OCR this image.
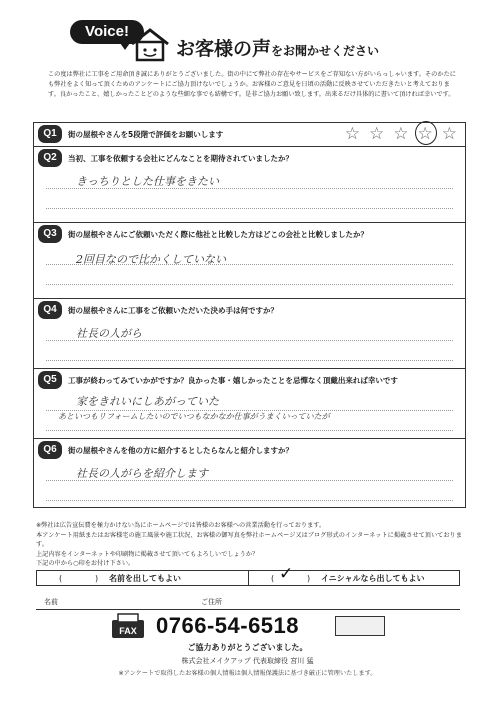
Voice!
お客様の声をお聞かせください
この度は弊社に工事をご用命頂き誠にありがとうございました。街の中にて弊社の存在やサービスをご存知ない方がいらっしゃいます。そのかたにも弊社をよく知って頂くためのアンケートにご協力頂けないでしょうか。お客様のご意見を日頃の活動に反映させていただきたいと考えております。良かったこと、嬉しかったことどのような些細な事でも結構です。是非ご協力お願い致します。出来るだけ具体的に書いて頂ければ幸いです。
Q1	街の屋根やさんを5段階で評価をお願いします	☆ ☆ ☆ ☆ ☆
Q2	当初、工事を依頼する会社にどんなことを期待されていましたか？
きっちりとした仕事をきたい
Q3	街の屋根やさんにご依頼いただく際に他社と比較した方はどこの会社と比較しましたか？
2回目なので比かくしていない
Q4	街の屋根やさんに工事をご依頼いただいた決め手は何ですか？
社長の人がら
Q5	工事が終わってみていかがですか？良かった事・嬉しかったことを忌憚なく頂戴出来れば幸いです
家をきれいにしあがっていた
あといつもリフォームしたいのでいつもなかなか仕事がうまくいっていたが
Q6	街の屋根やさんを他の方に紹介するとしたらなんと紹介しますか？
社長の人がらを紹介します
※弊社は広告宣伝費を極力かけない為にホームページでは皆様のお客様への営業活動を行っております。
本アンケート用紙またはお客様宅の施工風景や施工状況、お客様の御写真を弊社ホームページ又はブログ形式のインターネットに掲載させて頂いております。
上記内容をインターネットや印刷物に掲載させて頂いてもよろしいでしょうか？
下記の中から○印をお付け下さい。
(	) 名前を出してもよい	( ✓ ) イニシャルなら出してもよい
名前	ご住所
FAX 0766-54-6518
ご協力ありがとうございました。
株式会社メイクアップ 代表取締役 宮川 猛
※アンケートで取得したお客様の個人情報は個人情報保護法に基づき厳正に管理いたします。
